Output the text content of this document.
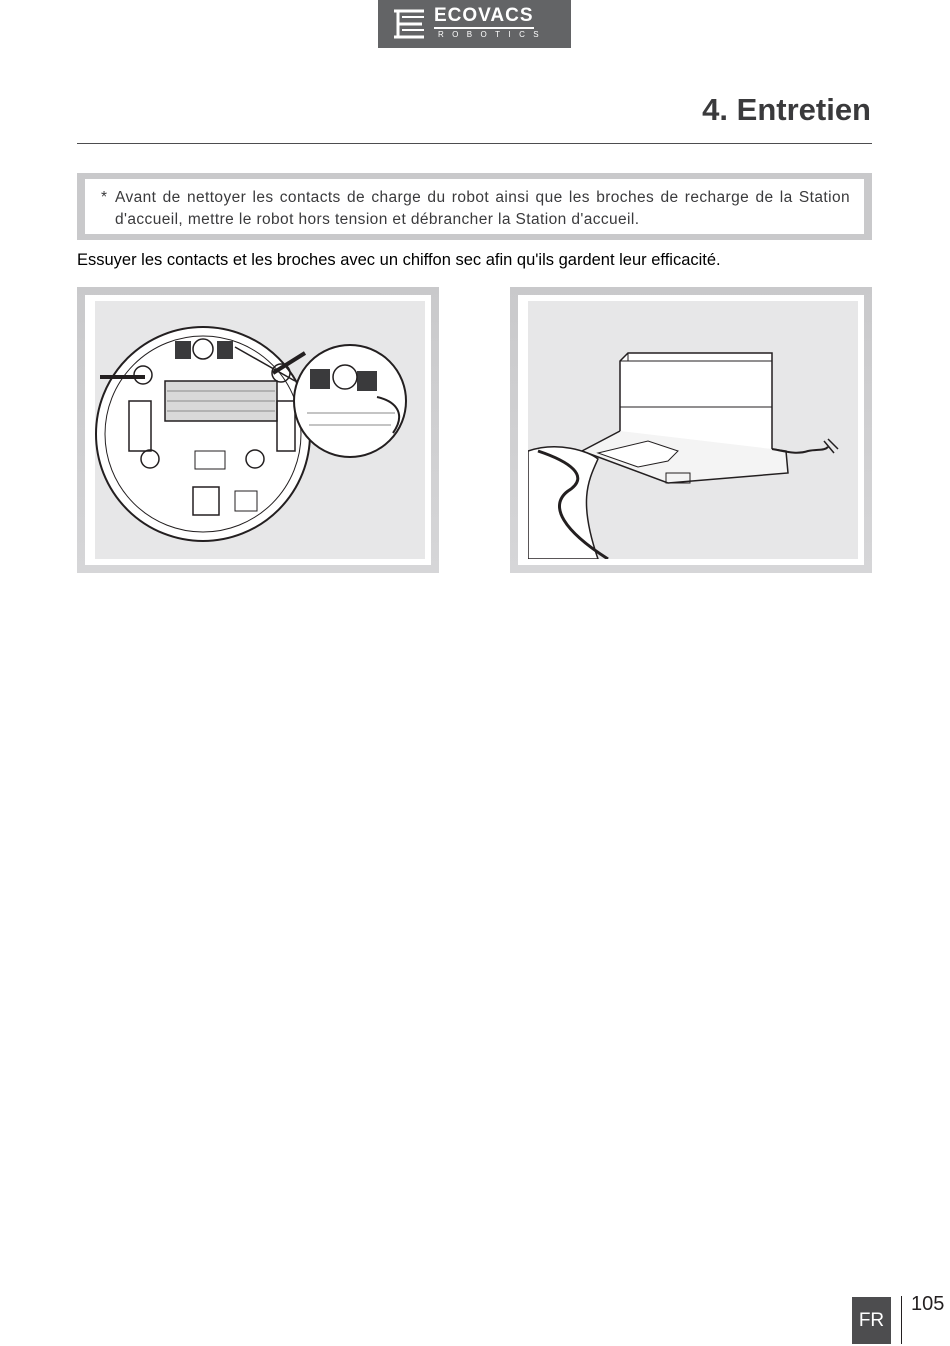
ECOVACS
ROBOTICS
4. Entretien
* Avant de nettoyer les contacts de charge du robot ainsi que les broches de recharge de la Station d'accueil, mettre le robot hors tension et débrancher la Station d'accueil.

Essuyer les contacts et les broches avec un chiffon sec afin qu'ils gardent leur efficacité.

FR
105
